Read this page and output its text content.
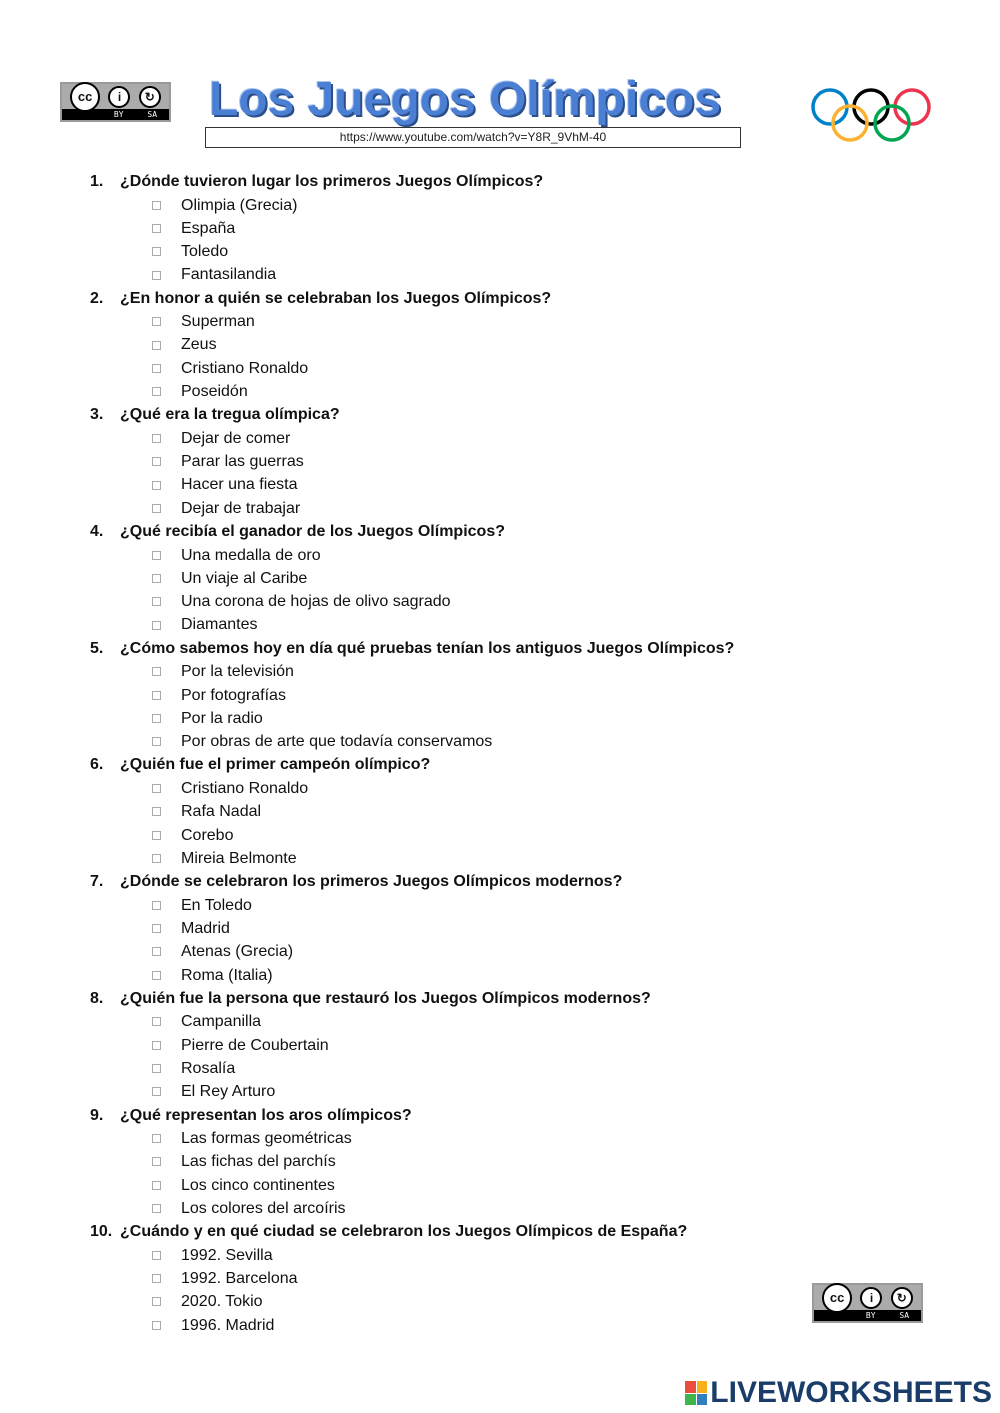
cc	i	↻
BY	SA Los Juegos Olímpicos
https://www.youtube.com/watch?v=Y8R_9VhM-40
1. ¿Dónde tuvieron lugar los primeros Juegos Olímpicos?
Olimpia (Grecia)
España
Toledo
Fantasilandia
2. ¿En honor a quién se celebraban los Juegos Olímpicos?
Superman
Zeus
Cristiano Ronaldo
Poseidón
3. ¿Qué era la tregua olímpica?
Dejar de comer
Parar las guerras
Hacer una fiesta
Dejar de trabajar
4. ¿Qué recibía el ganador de los Juegos Olímpicos?
Una medalla de oro
Un viaje al Caribe
Una corona de hojas de olivo sagrado
Diamantes
5. ¿Cómo sabemos hoy en día qué pruebas tenían los antiguos Juegos Olímpicos?
Por la televisión
Por fotografías
Por la radio
Por obras de arte que todavía conservamos
6. ¿Quién fue el primer campeón olímpico?
Cristiano Ronaldo
Rafa Nadal
Corebo
Mireia Belmonte
7. ¿Dónde se celebraron los primeros Juegos Olímpicos modernos?
En Toledo
Madrid
Atenas (Grecia)
Roma (Italia)
8. ¿Quién fue la persona que restauró los Juegos Olímpicos modernos?
Campanilla
Pierre de Coubertain
Rosalía
El Rey Arturo
9. ¿Qué representan los aros olímpicos?
Las formas geométricas
Las fichas del parchís
Los cinco continentes
Los colores del arcoíris
10. ¿Cuándo y en qué ciudad se celebraron los Juegos Olímpicos de España?
1992. Sevilla
1992. Barcelona
2020. Tokio
1996. Madrid
cc	i	↻
BY	SA
LIVEWORKSHEETS
